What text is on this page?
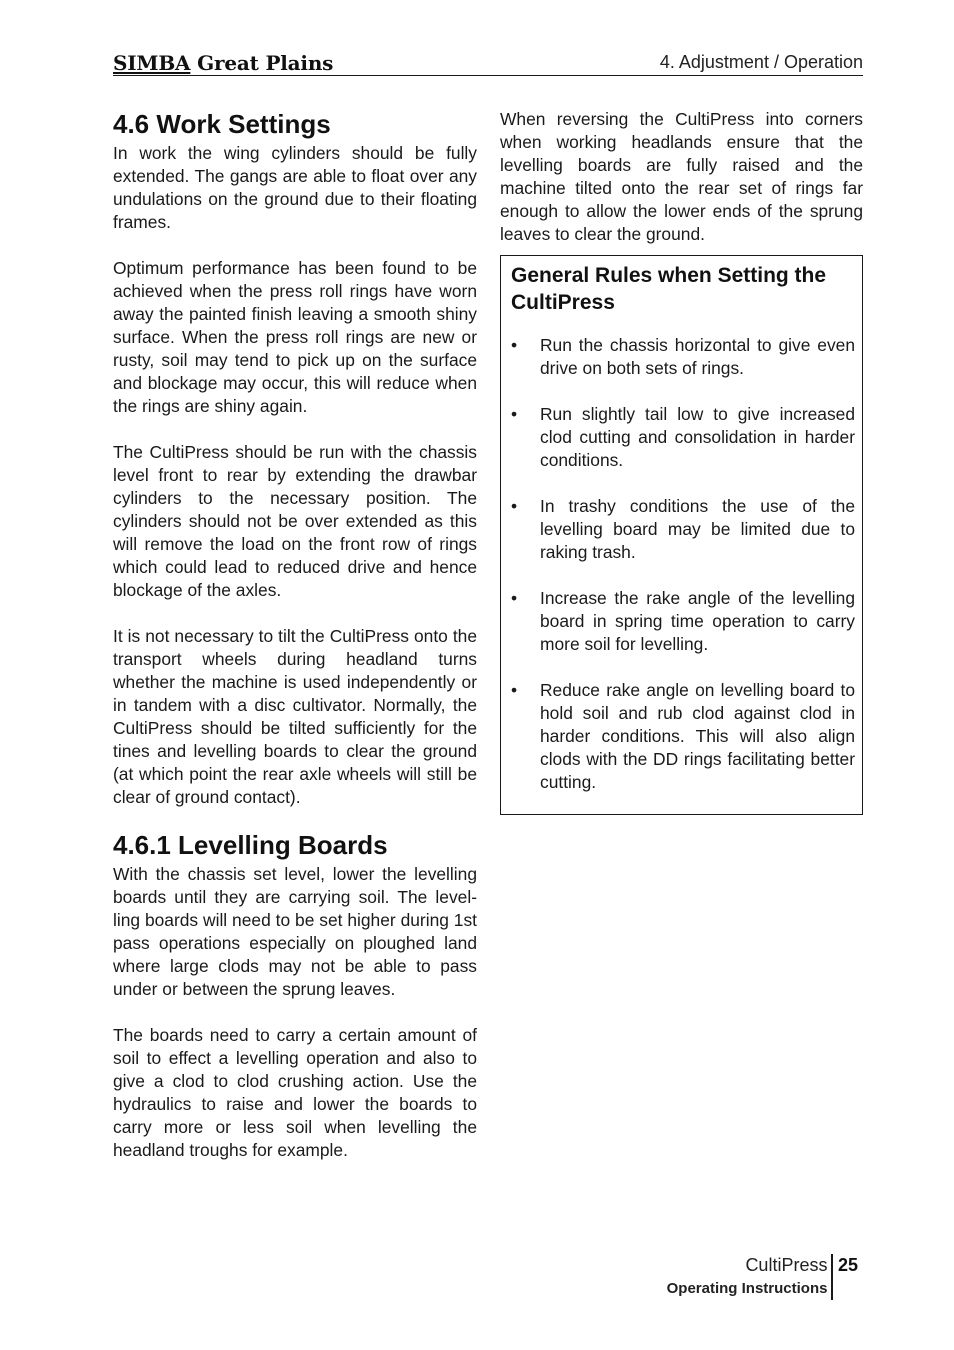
SIMBA Great Plains	4. Adjustment / Operation
4.6 Work Settings

In work the wing cylinders should be fully extended. The gangs are able to float over any undulations on the ground due to their floating frames.

Optimum performance has been found to be achieved when the press roll rings have worn away the painted finish leaving a smooth shiny surface. When the press roll rings are new or rusty, soil may tend to pick up on the surface and blockage may occur, this will reduce when the rings are shiny again.

The CultiPress should be run with the chassis level front to rear by extending the drawbar cylinders to the necessary position. The cylinders should not be over extended as this will remove the load on the front row of rings which could lead to reduced drive and hence blockage of the axles.

It is not necessary to tilt the CultiPress onto the transport wheels during headland turns whether the machine is used independently or in tandem with a disc cultivator. Normally, the CultiPress should be tilted sufficiently for the tines and levelling boards to clear the ground (at which point the rear axle wheels will still be clear of ground contact).

4.6.1 Levelling Boards

With the chassis set level, lower the levelling boards until they are carrying soil. The level-ling boards will need to be set higher during 1st pass operations especially on ploughed land where large clods may not be able to pass under or between the sprung leaves.

The boards need to carry a certain amount of soil to effect a levelling operation and also to give a clod to clod crushing action. Use the hydraulics to raise and lower the boards to carry more or less soil when levelling the headland troughs for example.

When reversing the CultiPress into corners when working headlands ensure that the levelling boards are fully raised and the machine tilted onto the rear set of rings far enough to allow the lower ends of the sprung leaves to clear the ground.

General Rules when Setting the CultiPress
•	Run the chassis horizontal to give even drive on both sets of rings.
•	Run slightly tail low to give increased clod cutting and consolidation in harder conditions.
•	In trashy conditions the use of the levelling board may be limited due to raking trash.
•	Increase the rake angle of the levelling board in spring time operation to carry more soil for levelling.
•	Reduce rake angle on levelling board to hold soil and rub clod against clod in harder conditions. This will also align clods with the DD rings facilitating better cutting.
CultiPress
Operating Instructions
25
